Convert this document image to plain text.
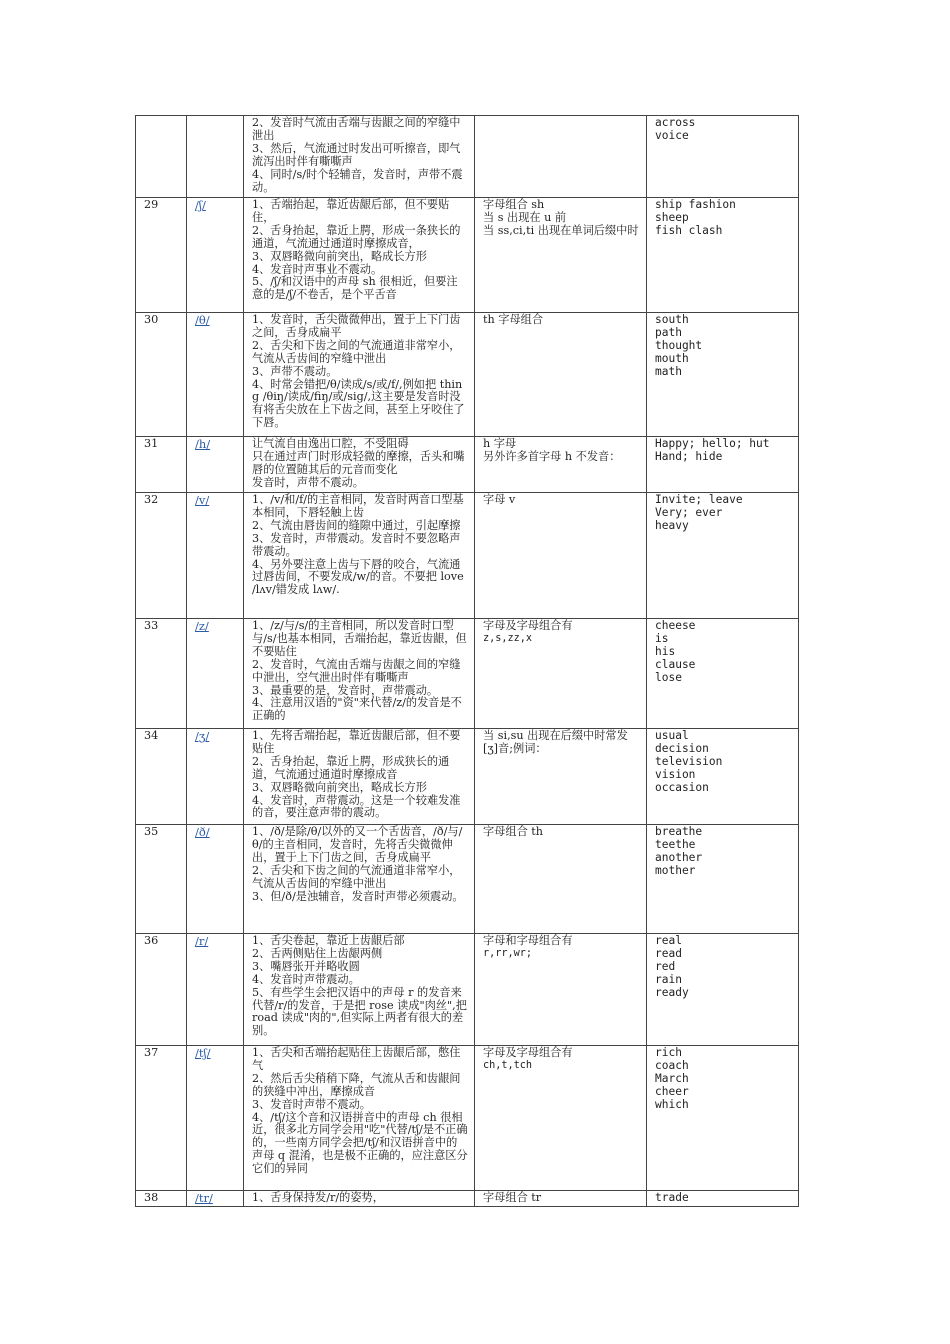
		2、发音时气流由舌端与齿龈之间的窄缝中泄出
3、然后，气流通过时发出可听擦音，即气流泻出时伴有嘶嘶声
4、同时/s/时个轻辅音，发音时，声带不震动。		across
voice
29	/ʃ/	1、舌端抬起，靠近齿龈后部，但不要贴住，
2、舌身抬起，靠近上腭，形成一条狭长的通道，气流通过通道时摩擦成音，
3、双唇略微向前突出，略成长方形
4、发音时声事业不震动。
5、/ʃ/和汉语中的声母 sh 很相近，但要注意的是/ʃ/不卷舌，是个平舌音	字母组合 sh
当 s 出现在 u 前
当 ss,ci,ti 出现在单词后缀中时	ship fashion
sheep
fish clash
30	/θ/	1、发音时，舌尖微微伸出，置于上下门齿之间，舌身成扁平
2、舌尖和下齿之间的气流通道非常窄小，气流从舌齿间的窄缝中泄出
3、声带不震动。
4、时常会错把/θ/读成/s/或/f/,例如把 thing /θiŋ/读成/fiŋ/或/sig/,这主要是发音时没有将舌尖放在上下齿之间，甚至上牙咬住了下唇。	th 字母组合	south
path
thought
mouth
math
31	/h/	让气流自由逸出口腔，不受阻碍
只在通过声门时形成轻微的摩擦，舌头和嘴唇的位置随其后的元音而变化
发音时，声带不震动。	h 字母
另外许多首字母 h 不发音：	Happy; hello; hut
Hand; hide
32	/v/	1、/v/和/f/的主音相同，发音时两音口型基本相同，下唇轻触上齿
2、气流由唇齿间的缝隙中通过，引起摩擦
3、发音时，声带震动。发音时不要忽略声带震动。
4、另外要注意上齿与下唇的咬合，气流通过唇齿间，不要发成/w/的音。不要把 love /lʌv/错发成 lʌw/.	字母 v	Invite; leave
Very; ever
heavy
33	/z/	1、/z/与/s/的主音相同，所以发音时口型与/s/也基本相同，舌端抬起，靠近齿龈，但不要贴住
2、发音时，气流由舌端与齿龈之间的窄缝中泄出，空气泄出时伴有嘶嘶声
3、最重要的是，发音时，声带震动。
4、注意用汉语的"资"来代替/z/的发音是不正确的	字母及字母组合有
z,s,zz,x	cheese
is
his
clause
lose
34	/ʒ/	1、先将舌端抬起，靠近齿龈后部，但不要贴住
2、舌身抬起，靠近上腭，形成狭长的通道，气流通过通道时摩擦成音
3、双唇略微向前突出，略成长方形
4、发音时，声带震动。这是一个较难发准的音，要注意声带的震动。	当 si,su 出现在后缀中时常发[ʒ]音;例词：	usual
decision
television
vision
occasion
35	/ð/	1、/ð/是除/θ/以外的又一个舌齿音，/ð/与/θ/的主音相同，发音时，先将舌尖微微伸出，置于上下门齿之间，舌身成扁平
2、舌尖和下齿之间的气流通道非常窄小，气流从舌齿间的窄缝中泄出
3、但/ð/是浊辅音，发音时声带必须震动。	字母组合 th	breathe
teethe
another
mother
36	/r/	1、舌尖卷起，靠近上齿龈后部
2、舌两侧贴住上齿龈两侧
3、嘴唇张开并略收圆
4、发音时声带震动。
5、有些学生会把汉语中的声母 r 的发音来代替/r/的发音，于是把 rose 读成"肉丝",把 road 读成"肉的",但实际上两者有很大的差别。	字母和字母组合有
r,rr,wr;	real
read
red
rain
ready
37	/tʃ/	1、舌尖和舌端抬起贴住上齿龈后部，憋住气
2、然后舌尖稍稍下降，气流从舌和齿龈间的狭缝中冲出，摩擦成音
3、发音时声带不震动。
4、/tʃ/这个音和汉语拼音中的声母 ch 很相近，很多北方同学会用"吃"代替/tʃ/是不正确的，一些南方同学会把/tʃ/和汉语拼音中的声母 q 混淆，也是极不正确的，应注意区分它们的异同	字母及字母组合有
ch,t,tch	rich
coach
March
cheer
which
38	/tr/	1、舌身保持发/r/的姿势，	字母组合 tr	trade
